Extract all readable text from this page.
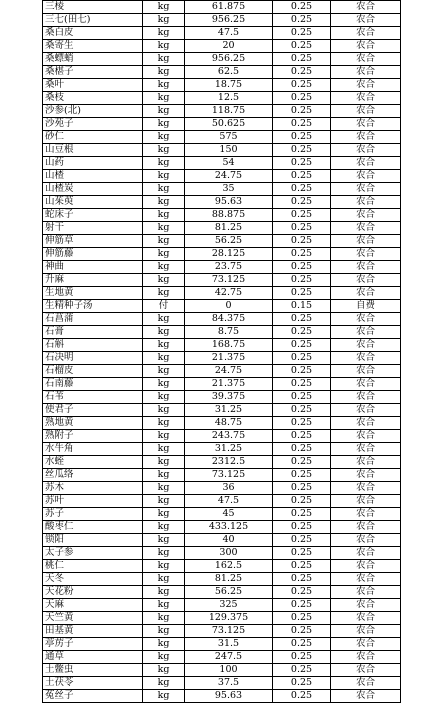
三棱	kg	61.875	0.25	农合
三七(田七)	kg	956.25	0.25	农合
桑白皮	kg	47.5	0.25	农合
桑寄生	kg	20	0.25	农合
桑螵蛸	kg	956.25	0.25	农合
桑椹子	kg	62.5	0.25	农合
桑叶	kg	18.75	0.25	农合
桑枝	kg	12.5	0.25	农合
沙参(北)	kg	118.75	0.25	农合
沙苑子	kg	50.625	0.25	农合
砂仁	kg	575	0.25	农合
山豆根	kg	150	0.25	农合
山药	kg	54	0.25	农合
山楂	kg	24.75	0.25	农合
山楂炭	kg	35	0.25	农合
山茱萸	kg	95.63	0.25	农合
蛇床子	kg	88.875	0.25	农合
射干	kg	81.25	0.25	农合
伸筋草	kg	56.25	0.25	农合
伸筋藤	kg	28.125	0.25	农合
神曲	kg	23.75	0.25	农合
升麻	kg	73.125	0.25	农合
生地黄	kg	42.75	0.25	农合
生精种子汤	付	0	0.15	自费
石菖蒲	kg	84.375	0.25	农合
石膏	kg	8.75	0.25	农合
石斛	kg	168.75	0.25	农合
石决明	kg	21.375	0.25	农合
石榴皮	kg	24.75	0.25	农合
石南藤	kg	21.375	0.25	农合
石苇	kg	39.375	0.25	农合
使君子	kg	31.25	0.25	农合
熟地黄	kg	48.75	0.25	农合
熟附子	kg	243.75	0.25	农合
水牛角	kg	31.25	0.25	农合
水蛭	kg	2312.5	0.25	农合
丝瓜络	kg	73.125	0.25	农合
苏木	kg	36	0.25	农合
苏叶	kg	47.5	0.25	农合
苏子	kg	45	0.25	农合
酸枣仁	kg	433.125	0.25	农合
锁阳	kg	40	0.25	农合
太子参	kg	300	0.25	农合
桃仁	kg	162.5	0.25	农合
天冬	kg	81.25	0.25	农合
天花粉	kg	56.25	0.25	农合
天麻	kg	325	0.25	农合
天竺黄	kg	129.375	0.25	农合
田基黄	kg	73.125	0.25	农合
葶苈子	kg	31.5	0.25	农合
通草	kg	247.5	0.25	农合
土鳖虫	kg	100	0.25	农合
土茯苓	kg	37.5	0.25	农合
菟丝子	kg	95.63	0.25	农合
